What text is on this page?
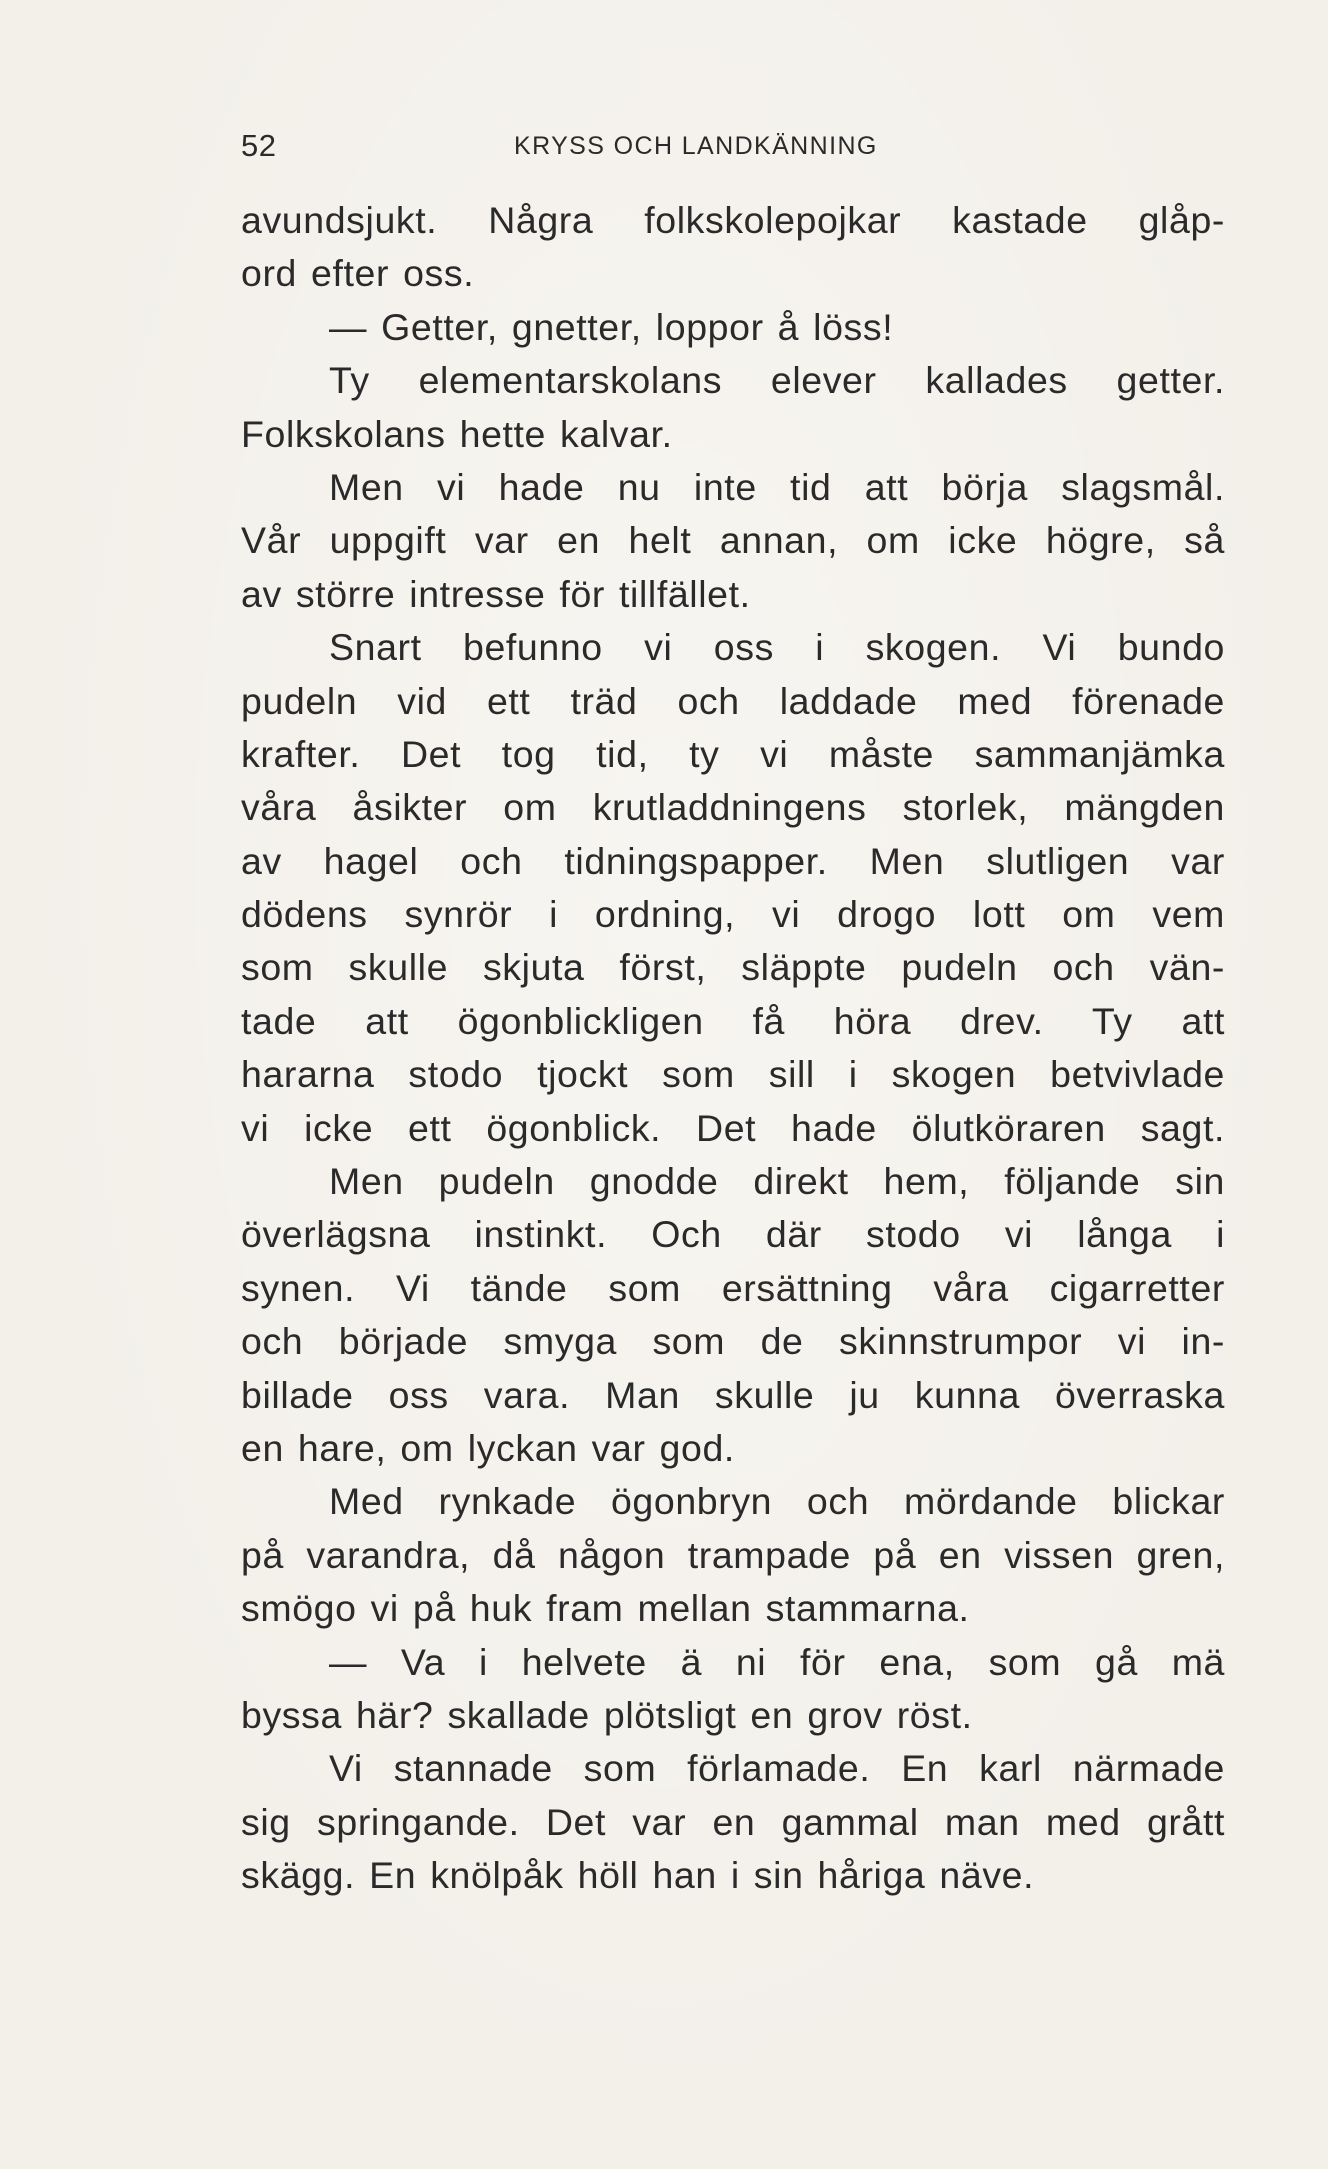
52	KRYSS OCH LANDKÄNNING
avundsjukt. Några folkskolepojkar kastade glåp-
ord efter oss.
— Getter, gnetter, loppor å löss!
Ty elementarskolans elever kallades getter.
Folkskolans hette kalvar.
Men vi hade nu inte tid att börja slagsmål.
Vår uppgift var en helt annan, om icke högre, så
av större intresse för tillfället.
Snart befunno vi oss i skogen. Vi bundo
pudeln vid ett träd och laddade med förenade
krafter. Det tog tid, ty vi måste sammanjämka
våra åsikter om krutladdningens storlek, mängden
av hagel och tidningspapper. Men slutligen var
dödens synrör i ordning, vi drogo lott om vem
som skulle skjuta först, släppte pudeln och vän-
tade att ögonblickligen få höra drev. Ty att
hararna stodo tjockt som sill i skogen betvivlade
vi icke ett ögonblick. Det hade ölutköraren sagt.
Men pudeln gnodde direkt hem, följande sin
överlägsna instinkt. Och där stodo vi långa i
synen. Vi tände som ersättning våra cigarretter
och började smyga som de skinnstrumpor vi in-
billade oss vara. Man skulle ju kunna överraska
en hare, om lyckan var god.
Med rynkade ögonbryn och mördande blickar
på varandra, då någon trampade på en vissen gren,
smögo vi på huk fram mellan stammarna.
— Va i helvete ä ni för ena, som gå mä
byssa här? skallade plötsligt en grov röst.
Vi stannade som förlamade. En karl närmade
sig springande. Det var en gammal man med grått
skägg. En knölpåk höll han i sin håriga näve.
